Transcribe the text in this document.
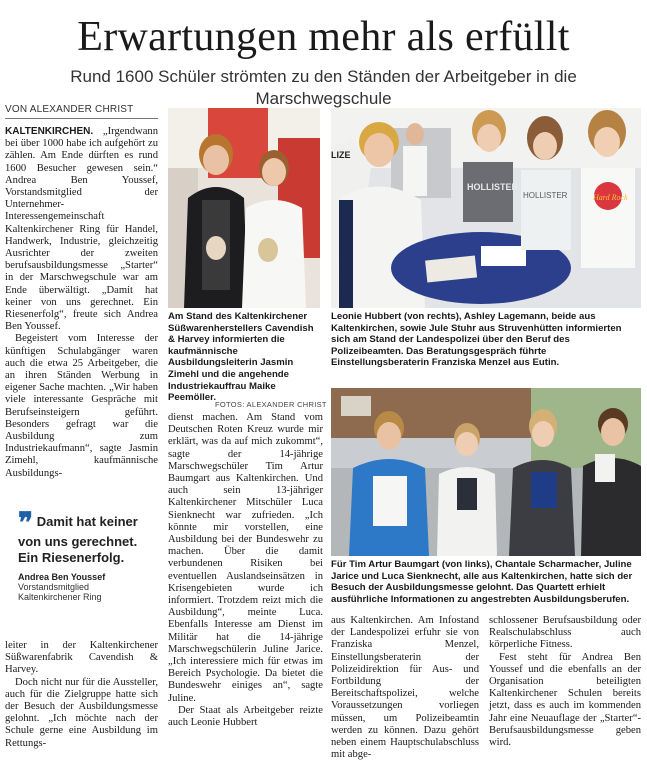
Erwartungen mehr als erfüllt
Rund 1600 Schüler strömten zu den Ständen der Arbeitgeber in die Marschwegschule
VON ALEXANDER CHRIST

KALTENKIRCHEN. „Irgendwann bei über 1000 habe ich aufgehört zu zählen. Am Ende dürften es rund 1600 Besucher gewesen sein.“ Andrea Ben Youssef, Vorstandsmitglied der Unternehmer-Interessengemeinschaft Kaltenkirchener Ring für Handel, Handwerk, Industrie, gleichzeitig Ausrichter der zweiten berufsausbildungsmesse „Starter“ in der Marschwegschule war am Ende überwältigt. „Damit hat keiner von uns gerechnet. Ein Riesenerfolg“, freute sich Andrea Ben Youssef.

Begeistert vom Interesse der künftigen Schulabgänger waren auch die etwa 25 Arbeitgeber, die an ihren Ständen Werbung in eigener Sache machten. „Wir haben viele interessante Gespräche mit Berufseinsteigern geführt. Besonders gefragt war die Ausbildung zum Industriekaufmann“, sagte Jasmin Zimehl, kaufmännische Ausbildungs-

❞ Damit hat keiner von uns gerechnet. Ein Riesenerfolg.
Andrea Ben Youssef
Vorstandsmitglied
Kaltenkirchener Ring

leiter in der Kaltenkirchener Süßwarenfabrik Cavendish & Harvey.

Doch nicht nur für die Aussteller, auch für die Zielgruppe hatte sich der Besuch der Ausbildungsmesse gelohnt. „Ich möchte nach der Schule gerne eine Ausbildung im Rettungs-

Am Stand des Kaltenkirchener Süßwarenherstellers Cavendish & Harvey informierten die kaufmännische Ausbildungsleiterin Jasmin Zimehl und die angehende Industriekauffrau Maike Peemöller.
FOTOS: ALEXANDER CHRIST

dienst machen. Am Stand vom Deutschen Roten Kreuz wurde mir erklärt, was da auf mich zukommt“, sagte der 14-jährige Marschwegschüler Tim Artur Baumgart aus Kaltenkirchen. Und auch sein 13-jähriger Kaltenkirchener Mitschüler Luca Sienknecht war zufrieden. „Ich könnte mir vorstellen, eine Ausbildung bei der Bundeswehr zu machen. Über die damit verbundenen Risiken bei eventuellen Auslandseinsätzen in Krisengebieten wurde ich informiert. Trotzdem reizt mich die Ausbildung“, meinte Luca. Ebenfalls Interesse am Dienst im Militär hat die 14-jährige Marschwegschülerin Juline Jarice. „Ich interessiere mich für etwas im Bereich Psychologie. Da bietet die Bundeswehr einiges an“, sagte Juline.

Der Staat als Arbeitgeber reizte auch Leonie Hubbert

LIZE
HOLLISTER
HOLLISTER	Hard Rock
Leonie Hubbert (von rechts), Ashley Lagemann, beide aus Kaltenkirchen, sowie Jule Stuhr aus Struvenhütten informierten sich am Stand der Landespolizei über den Beruf des Polizeibeamten. Das Beratungsgespräch führte Einstellungsberaterin Franziska Menzel aus Eutin.
Für Tim Artur Baumgart (von links), Chantale Scharmacher, Juline Jarice und Luca Sienknecht, alle aus Kaltenkirchen, hatte sich der Besuch der Ausbildungsmesse gelohnt. Das Quartett erhielt ausführliche Informationen zu angestrebten Ausbildungsberufen.

aus Kaltenkirchen. Am Infostand der Landespolizei erfuhr sie von Franziska Menzel, Einstellungsberaterin der Polizeidirektion für Aus- und Fortbildung der Bereitschaftspolizei, welche Voraussetzungen vorliegen müssen, um Polizeibeamtin werden zu können. Dazu gehört neben einem Hauptschulabschluss mit abge-

schlossener Berufsausbildung oder Realschulabschluss auch körperliche Fitness.

Fest steht für Andrea Ben Youssef und die ebenfalls an der Organisation beteiligten Kaltenkirchener Schulen bereits jetzt, dass es auch im kommenden Jahr eine Neuauflage der „Starter“-Berufsausbildungsmesse geben wird.
